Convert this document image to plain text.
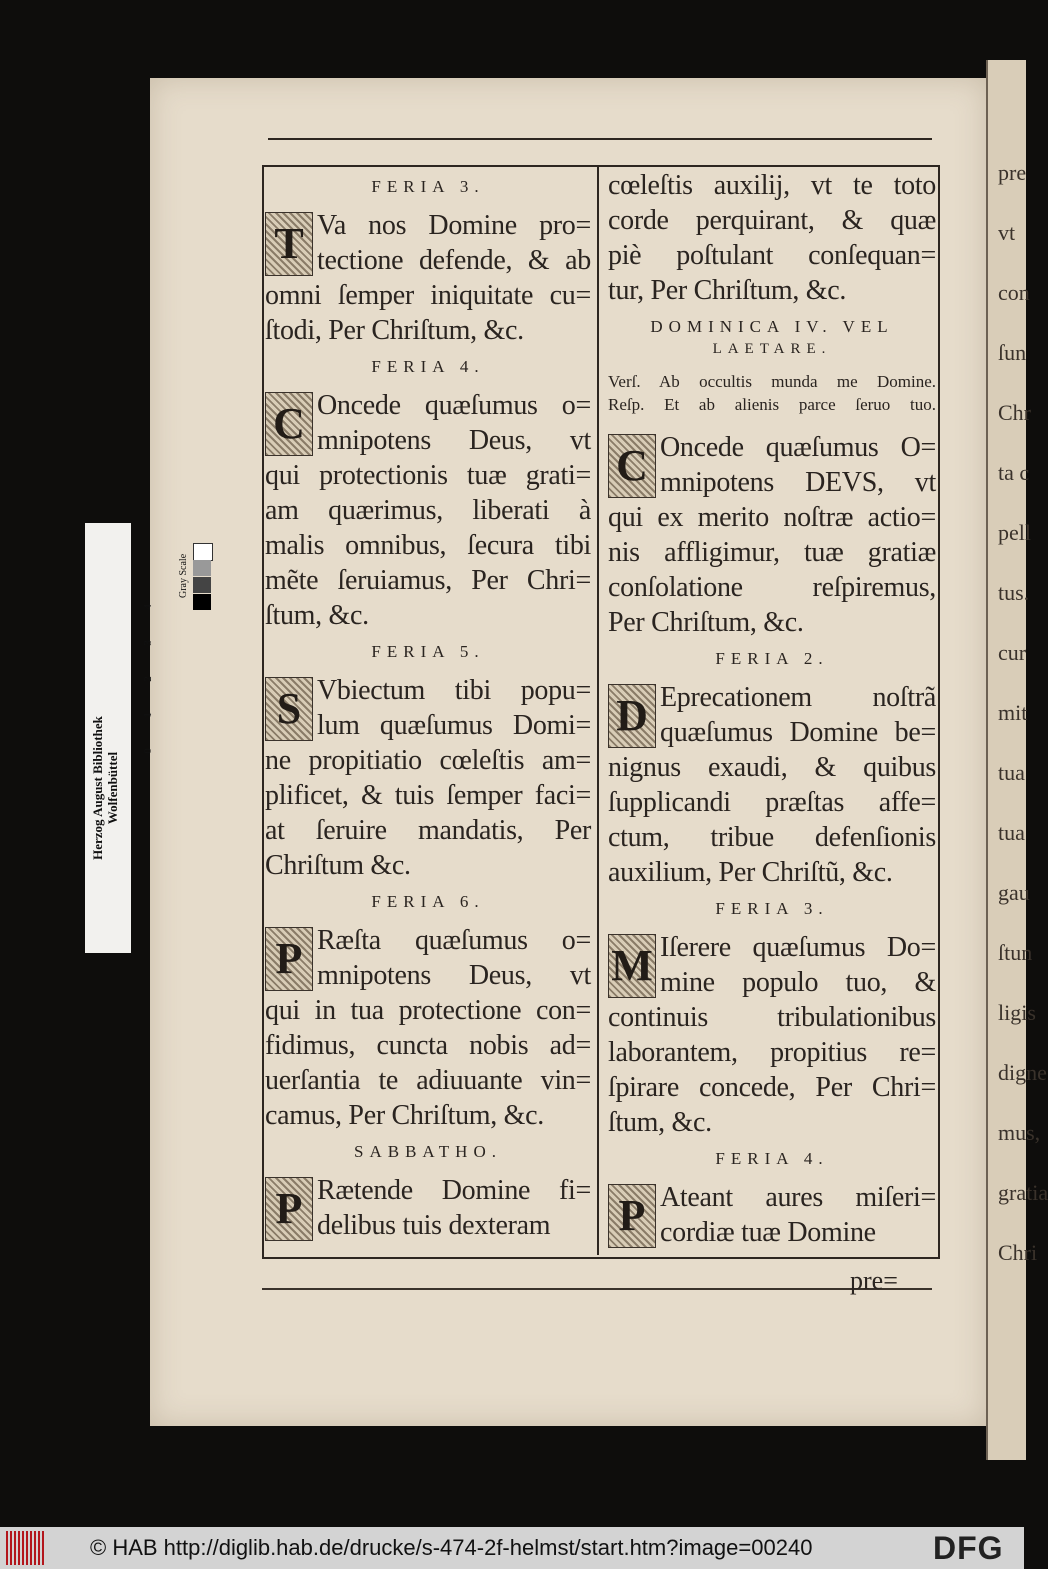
pre
vt
con
ſun
Chr
ta c
pell
tus.
cur
mit
tua
tua
gau
ſtun
ligis
digne
mus,
gratia
Chri
FERIA 3.
T Va nos Domine pro=
tectione defende, & ab
omni ſemper iniquitate cu=
ſtodi, Per Chriſtum, &c.
FERIA 4.
C Oncede quæſumus o=
mnipotens Deus, vt
qui protectionis tuæ grati=
am quærimus, liberati à
malis omnibus, ſecura tibi
mẽte ſeruiamus, Per Chri=
ſtum, &c.
FERIA 5.
S Vbiectum tibi popu=
lum quæſumus Domi=
ne propitiatio cœleſtis am=
plificet, & tuis ſemper faci=
at ſeruire mandatis, Per
Chriſtum &c.
FERIA 6.
P Ræſta quæſumus o=
mnipotens Deus, vt
qui in tua protectione con=
fidimus, cuncta nobis ad=
uerſantia te adiuuante vin=
camus, Per Chriſtum, &c.
SABBATHO.
P Rætende Domine fi=
delibus tuis dexteram
cœleſtis auxilij, vt te toto
corde perquirant, & quæ
piè poſtulant conſequan=
tur, Per Chriſtum, &c.
DOMINICA IV. VEL
LAETARE.
Verſ. Ab occultis munda me Domine.
Reſp. Et ab alienis parce ſeruo tuo.
C Oncede quæſumus O=
mnipotens DEVS, vt
qui ex merito noſtræ actio=
nis affligimur, tuæ gratiæ
conſolatione reſpiremus,
Per Chriſtum, &c.
FERIA 2.
D Eprecationem noſtrã
quæſumus Domine be=
nignus exaudi, & quibus
ſupplicandi præſtas affe=
ctum, tribue defenſionis
auxilium, Per Chriſtũ, &c.
FERIA 3.
M Iſerere quæſumus Do=
mine populo tuo, &
continuis tribulationibus
laborantem, propitius re=
ſpirare concede, Per Chri=
ſtum, &c.
FERIA 4.
P Ateant aures miſeri=
cordiæ tuæ Domine
pre=
Herzog August Bibliothek
Wolfenbüttel
Gray Scale
0
1
2
3
4
© HAB http://diglib.hab.de/drucke/s-474-2f-helmst/start.htm?image=00240	DFG
